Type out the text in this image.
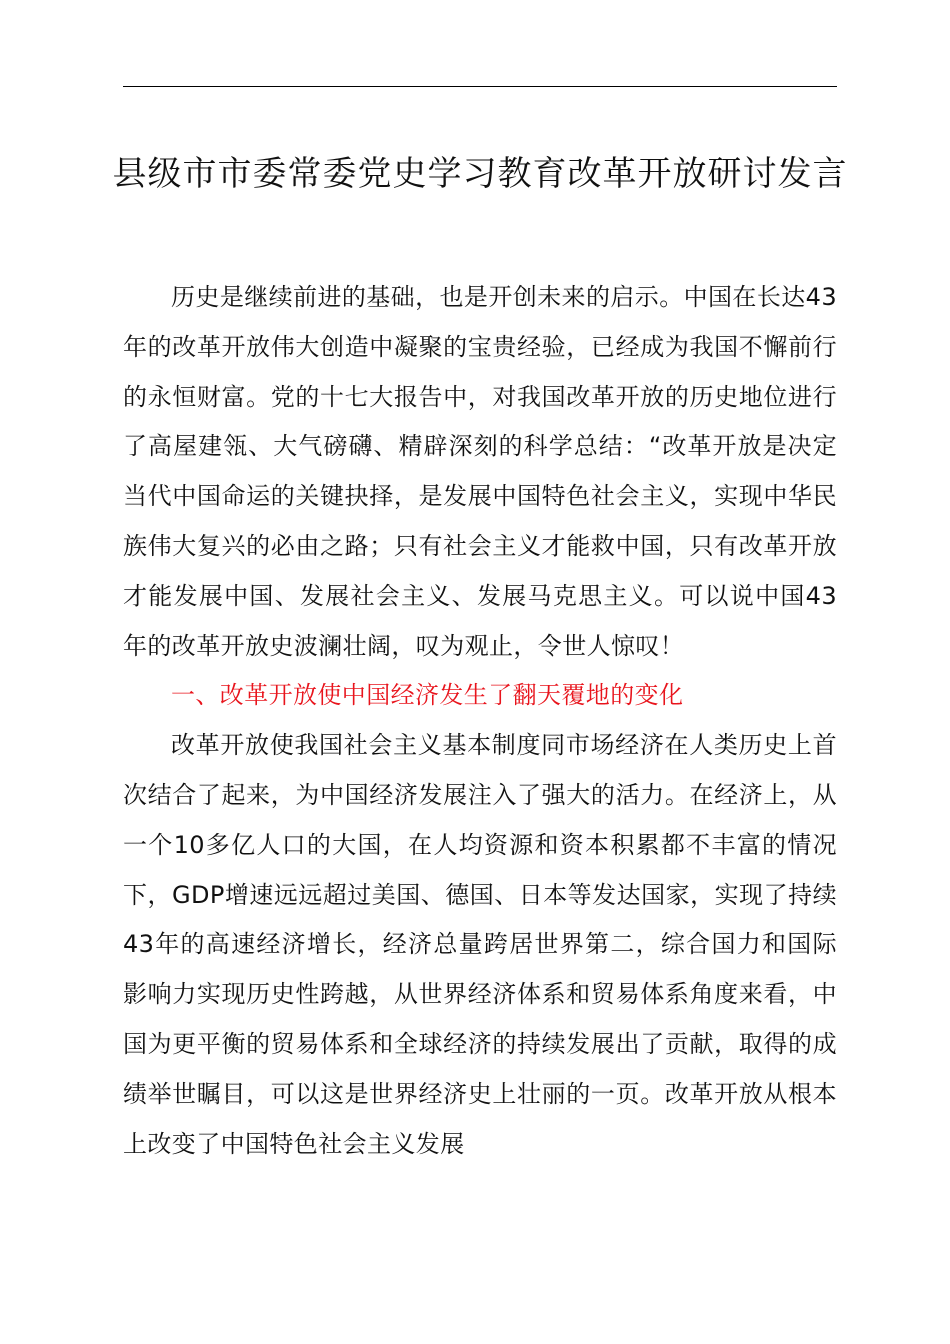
县级市市委常委党史学习教育改革开放研讨发言

历史是继续前进的基础，也是开创未来的启示。中国在长达43年的改革开放伟大创造中凝聚的宝贵经验，已经成为我国不懈前行的永恒财富。党的十七大报告中，对我国改革开放的历史地位进行了高屋建瓴、大气磅礴、精辟深刻的科学总结：“改革开放是决定当代中国命运的关键抉择，是发展中国特色社会主义，实现中华民族伟大复兴的必由之路；只有社会主义才能救中国，只有改革开放才能发展中国、发展社会主义、发展马克思主义。可以说中国43年的改革开放史波澜壮阔，叹为观止，令世人惊叹！

一、改革开放使中国经济发生了翻天覆地的变化

改革开放使我国社会主义基本制度同市场经济在人类历史上首次结合了起来，为中国经济发展注入了强大的活力。在经济上，从一个10多亿人口的大国，在人均资源和资本积累都不丰富的情况下，GDP增速远远超过美国、德国、日本等发达国家，实现了持续43年的高速经济增长，经济总量跨居世界第二，综合国力和国际影响力实现历史性跨越，从世界经济体系和贸易体系角度来看，中国为更平衡的贸易体系和全球经济的持续发展出了贡献，取得的成绩举世瞩目，可以这是世界经济史上壮丽的一页。改革开放从根本上改变了中国特色社会主义发展
